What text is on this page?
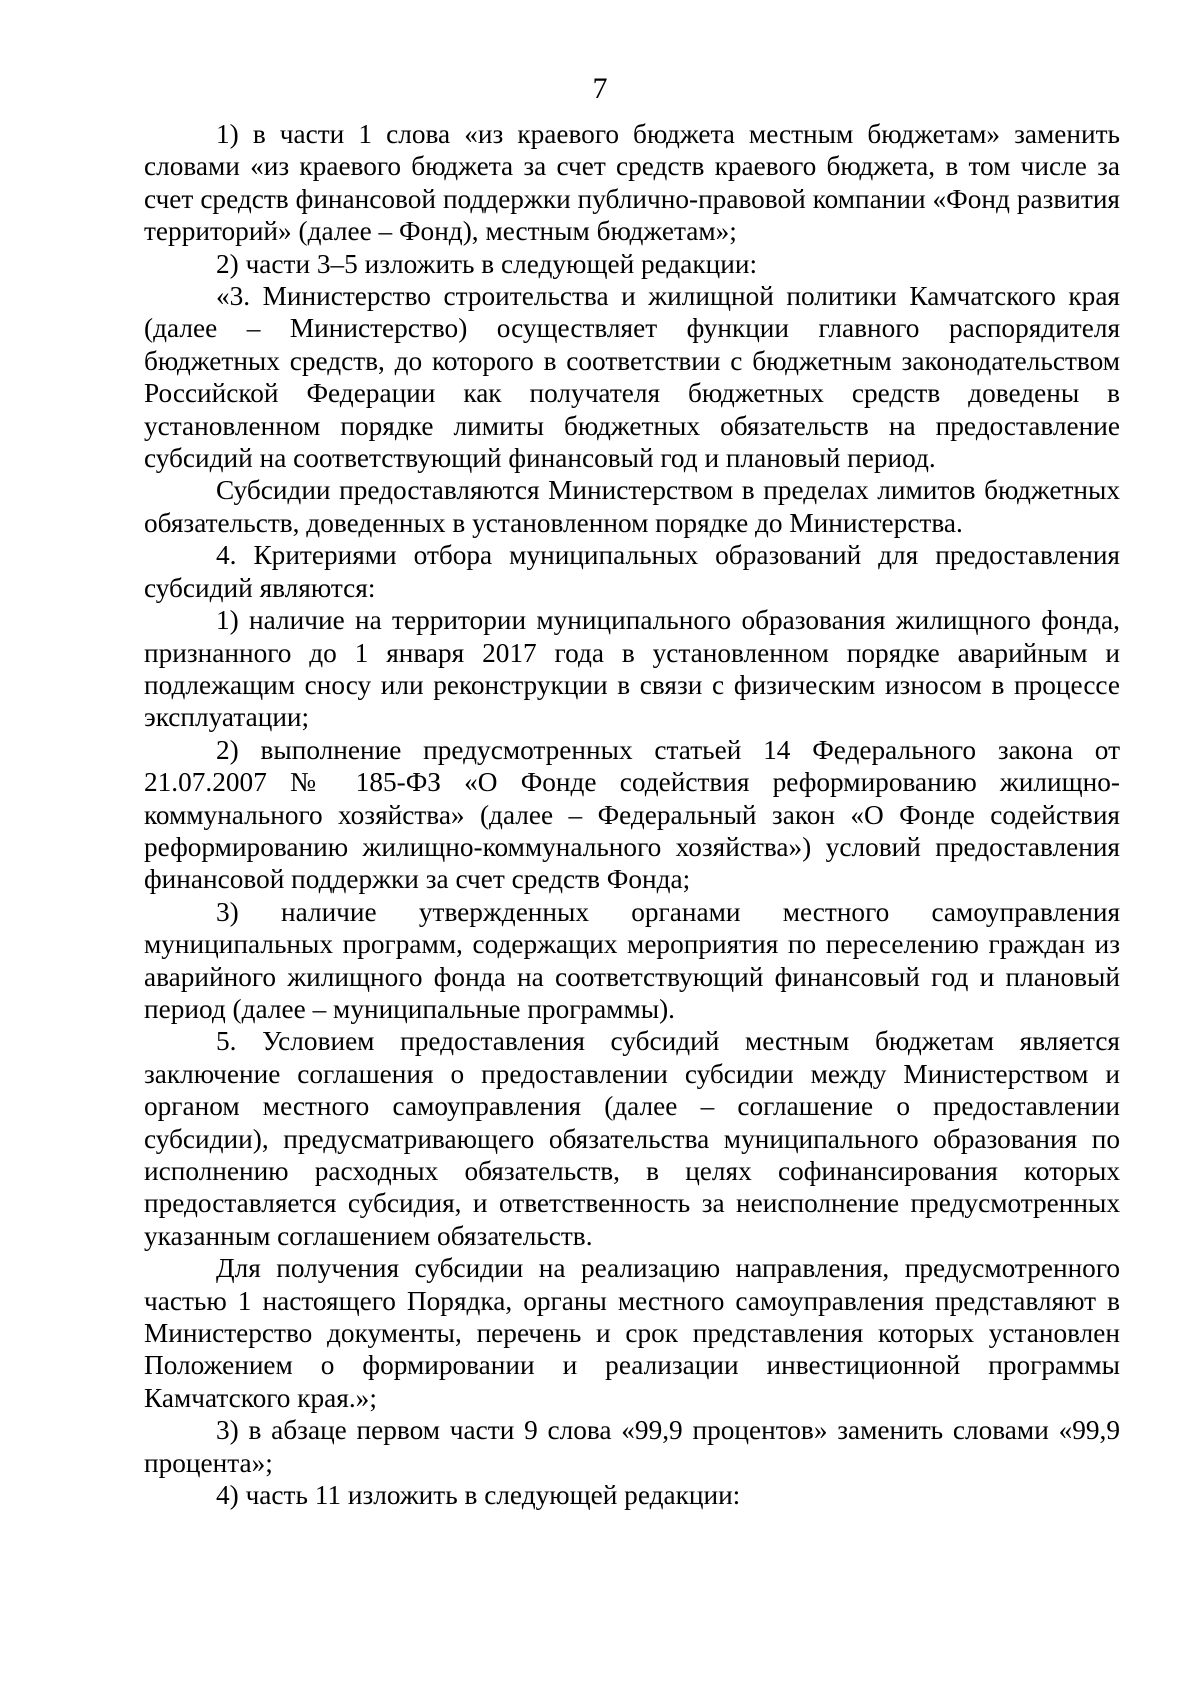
7

1) в части 1 слова «из краевого бюджета местным бюджетам» заменить словами «из краевого бюджета за счет средств краевого бюджета, в том числе за счет средств финансовой поддержки публично-правовой компании «Фонд развития территорий» (далее – Фонд), местным бюджетам»;

2) части 3–5 изложить в следующей редакции:

«3. Министерство строительства и жилищной политики Камчатского края (далее – Министерство) осуществляет функции главного распорядителя бюджетных средств, до которого в соответствии с бюджетным законодательством Российской Федерации как получателя бюджетных средств доведены в установленном порядке лимиты бюджетных обязательств на предоставление субсидий на соответствующий финансовый год и плановый период.

Субсидии предоставляются Министерством в пределах лимитов бюджетных обязательств, доведенных в установленном порядке до Министерства.

4. Критериями отбора муниципальных образований для предоставления субсидий являются:

1) наличие на территории муниципального образования жилищного фонда, признанного до 1 января 2017 года в установленном порядке аварийным и подлежащим сносу или реконструкции в связи с физическим износом в процессе эксплуатации;

2) выполнение предусмотренных статьей 14 Федерального закона от 21.07.2007 № 185-ФЗ «О Фонде содействия реформированию жилищно-коммунального хозяйства» (далее – Федеральный закон «О Фонде содействия реформированию жилищно-коммунального хозяйства») условий предоставления финансовой поддержки за счет средств Фонда;

3) наличие утвержденных органами местного самоуправления муниципальных программ, содержащих мероприятия по переселению граждан из аварийного жилищного фонда на соответствующий финансовый год и плановый период (далее – муниципальные программы).

5. Условием предоставления субсидий местным бюджетам является заключение соглашения о предоставлении субсидии между Министерством и органом местного самоуправления (далее – соглашение о предоставлении субсидии), предусматривающего обязательства муниципального образования по исполнению расходных обязательств, в целях софинансирования которых предоставляется субсидия, и ответственность за неисполнение предусмотренных указанным соглашением обязательств.

Для получения субсидии на реализацию направления, предусмотренного частью 1 настоящего Порядка, органы местного самоуправления представляют в Министерство документы, перечень и срок представления которых установлен Положением о формировании и реализации инвестиционной программы Камчатского края.»;

3) в абзаце первом части 9 слова «99,9 процентов» заменить словами «99,9 процента»;

4) часть 11 изложить в следующей редакции:
